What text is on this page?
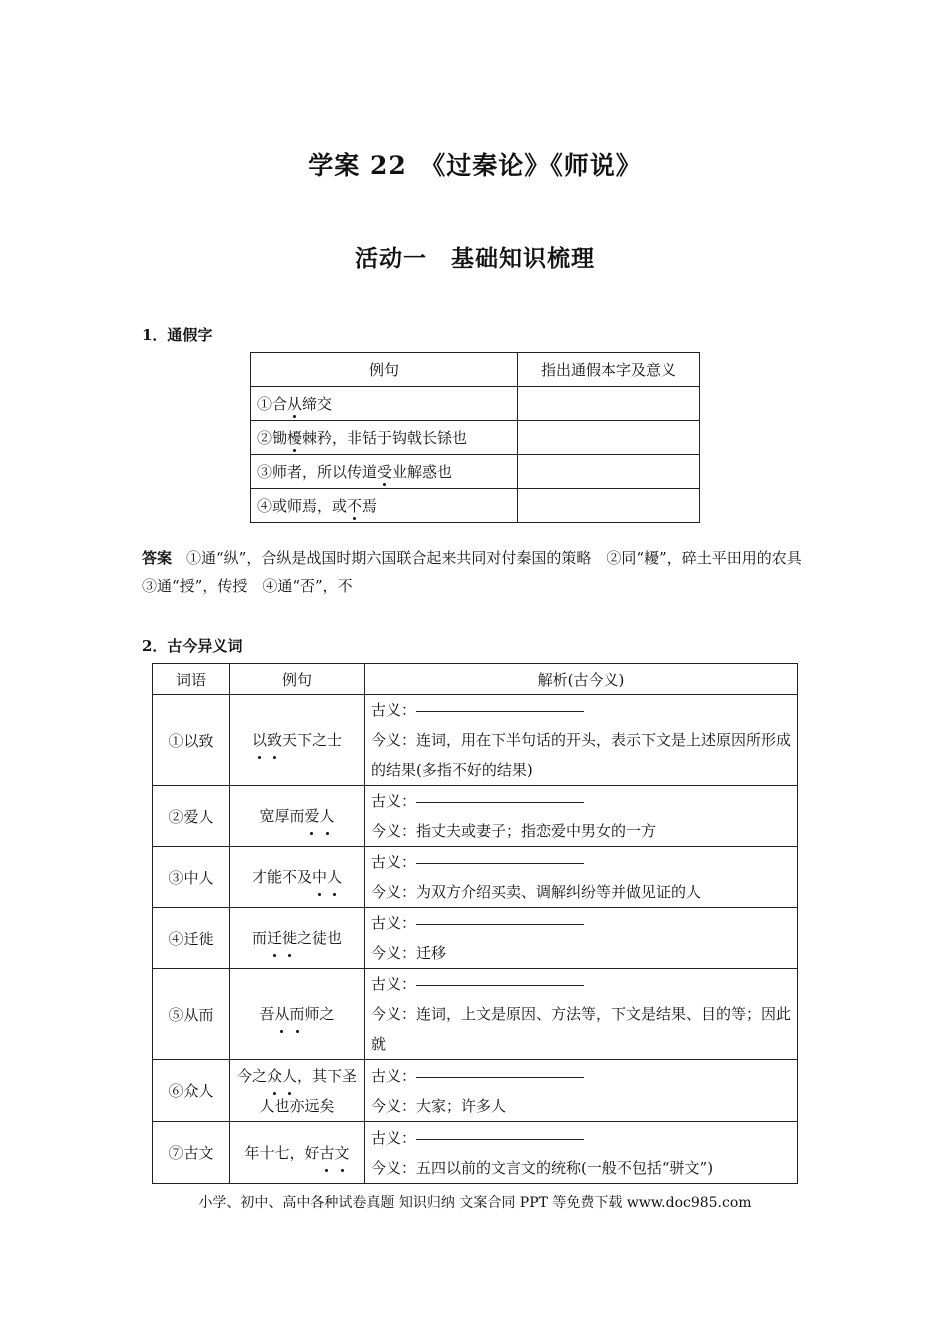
学案 22　《过秦论》《师说》
活动一　基础知识梳理
1．通假字
例句	指出通假本字及意义
①合从缔交	
②锄櫌棘矜，非铦于钩戟长铩也	
③师者，所以传道受业解惑也	
④或师焉，或不焉	
答案 ①通“纵”，合纵是战国时期六国联合起来共同对付秦国的策略　②同“耰”，碎土平田用的农具
③通“授”，传授　④通“否”，不
2．古今异义词
词语	例句	解析(古今义)
①以致	以致天下之士	古义：
今义：连词，用在下半句话的开头，表示下文是上述原因所形成的结果(多指不好的结果)

②爱人	宽厚而爱人	古义：
今义：指丈夫或妻子；指恋爱中男女的一方

③中人	才能不及中人	古义：
今义：为双方介绍买卖、调解纠纷等并做见证的人

④迁徙	而迁徙之徒也	古义：
今义：迁移

⑤从而	吾从而师之	古义：
今义：连词，上文是原因、方法等，下文是结果、目的等；因此就

⑥众人	今之众人，其下圣人也亦远矣	古义：
今义：大家；许多人

⑦古文	年十七，好古文	古义：
今义：五四以前的文言文的统称(一般不包括“骈文”)
小学、初中、高中各种试卷真题 知识归纳 文案合同 PPT 等免费下载 www.doc985.com
